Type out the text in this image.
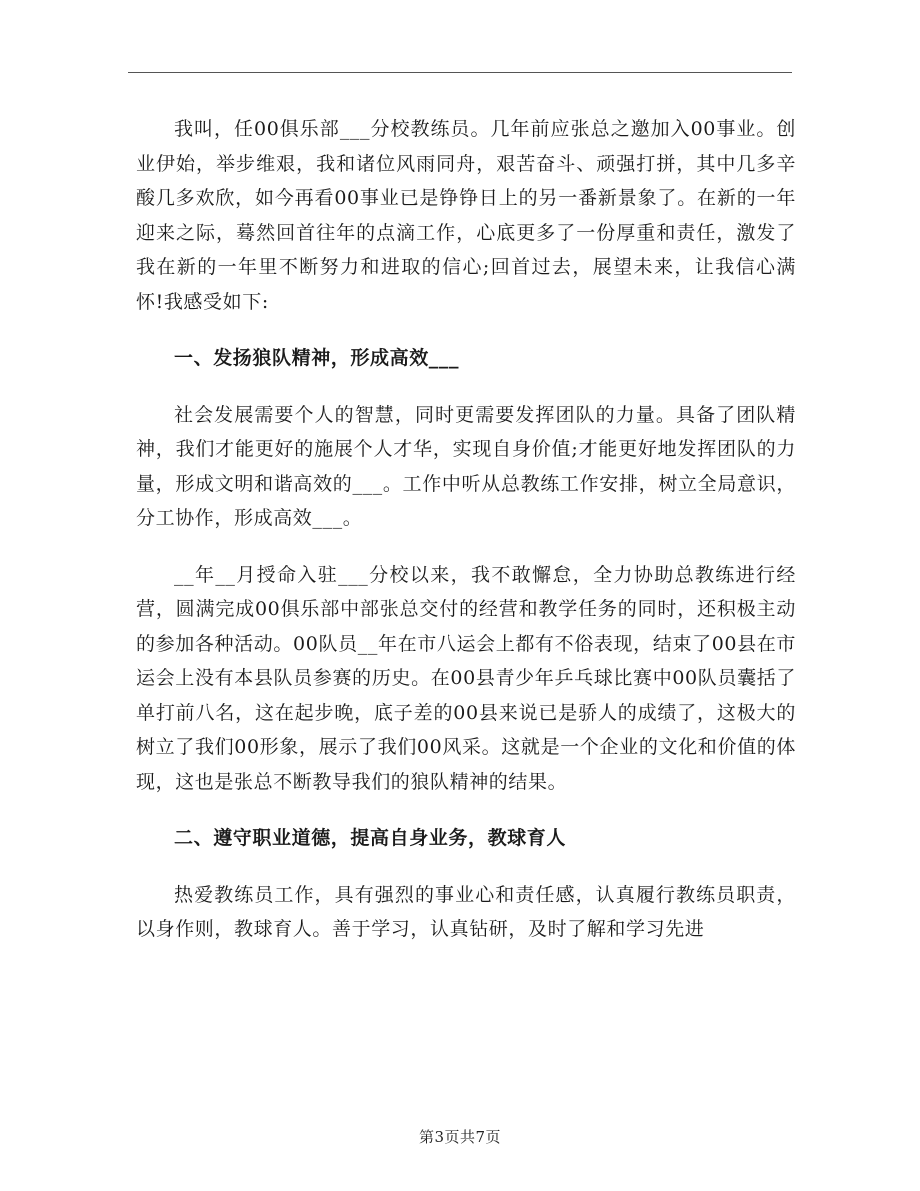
我叫，任00俱乐部___分校教练员。几年前应张总之邀加入00事业。创业伊始，举步维艰，我和诸位风雨同舟，艰苦奋斗、顽强打拼，其中几多辛酸几多欢欣，如今再看00事业已是铮铮日上的另一番新景象了。在新的一年迎来之际，蓦然回首往年的点滴工作，心底更多了一份厚重和责任，激发了我在新的一年里不断努力和进取的信心;回首过去，展望未来，让我信心满怀!我感受如下:

一、发扬狼队精神，形成高效___

社会发展需要个人的智慧，同时更需要发挥团队的力量。具备了团队精神，我们才能更好的施展个人才华，实现自身价值;才能更好地发挥团队的力量，形成文明和谐高效的___。工作中听从总教练工作安排，树立全局意识，分工协作，形成高效___。

__年__月授命入驻___分校以来，我不敢懈怠，全力协助总教练进行经营，圆满完成00俱乐部中部张总交付的经营和教学任务的同时，还积极主动的参加各种活动。00队员__年在市八运会上都有不俗表现，结束了00县在市运会上没有本县队员参赛的历史。在00县青少年乒乓球比赛中00队员囊括了单打前八名，这在起步晚，底子差的00县来说已是骄人的成绩了，这极大的树立了我们00形象，展示了我们00风采。这就是一个企业的文化和价值的体现，这也是张总不断教导我们的狼队精神的结果。

二、遵守职业道德，提高自身业务，教球育人

热爱教练员工作，具有强烈的事业心和责任感，认真履行教练员职责，以身作则，教球育人。善于学习，认真钻研，及时了解和学习先进

第3页共7页
